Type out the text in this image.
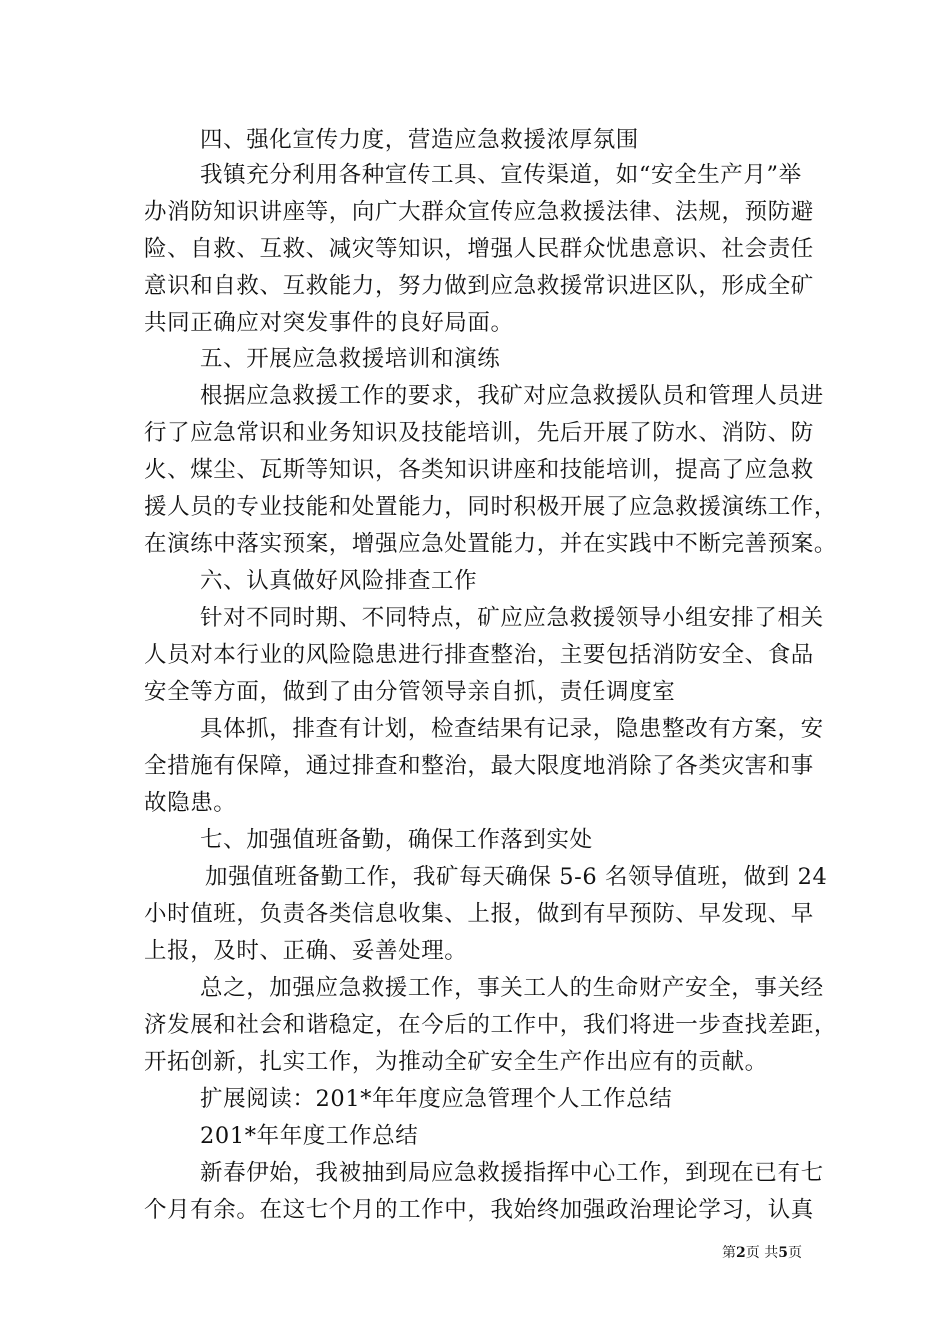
四、强化宣传力度，营造应急救援浓厚氛围
我镇充分利用各种宣传工具、宣传渠道，如“安全生产月”举
办消防知识讲座等，向广大群众宣传应急救援法律、法规，预防避
险、自救、互救、减灾等知识，增强人民群众忧患意识、社会责任
意识和自救、互救能力，努力做到应急救援常识进区队，形成全矿
共同正确应对突发事件的良好局面。
五、开展应急救援培训和演练
根据应急救援工作的要求，我矿对应急救援队员和管理人员进
行了应急常识和业务知识及技能培训，先后开展了防水、消防、防
火、煤尘、瓦斯等知识，各类知识讲座和技能培训，提高了应急救
援人员的专业技能和处置能力，同时积极开展了应急救援演练工作，
在演练中落实预案，增强应急处置能力，并在实践中不断完善预案。
六、认真做好风险排查工作
针对不同时期、不同特点，矿应应急救援领导小组安排了相关
人员对本行业的风险隐患进行排查整治，主要包括消防安全、食品
安全等方面，做到了由分管领导亲自抓，责任调度室
具体抓，排查有计划，检查结果有记录，隐患整改有方案，安
全措施有保障，通过排查和整治，最大限度地消除了各类灾害和事
故隐患。
七、加强值班备勤，确保工作落到实处
加强值班备勤工作，我矿每天确保 5-6 名领导值班，做到 24
小时值班，负责各类信息收集、上报，做到有早预防、早发现、早
上报，及时、正确、妥善处理。
总之，加强应急救援工作，事关工人的生命财产安全，事关经
济发展和社会和谐稳定，在今后的工作中，我们将进一步查找差距，
开拓创新，扎实工作，为推动全矿安全生产作出应有的贡献。
扩展阅读：201*年年度应急管理个人工作总结
201*年年度工作总结
新春伊始，我被抽到局应急救援指挥中心工作，到现在已有七
个月有余。在这七个月的工作中，我始终加强政治理论学习，认真
第2页 共5页
